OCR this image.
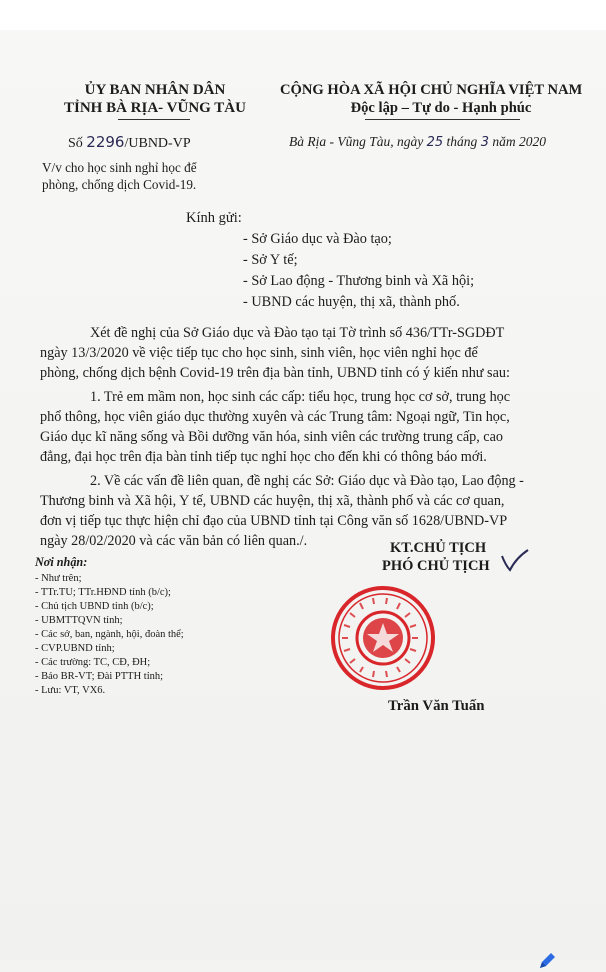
ỦY BAN NHÂN DÂN
TỈNH BÀ RỊA- VŨNG TÀU
Số 2296/UBND-VP
V/v cho học sinh nghỉ học để
phòng, chống dịch Covid-19.
CỘNG HÒA XÃ HỘI CHỦ NGHĨA VIỆT NAM
Độc lập – Tự do - Hạnh phúc
Bà Rịa - Vũng Tàu, ngày 25 tháng 3 năm 2020
Kính gửi:
- Sở Giáo dục và Đào tạo;
- Sở Y tế;
- Sở Lao động - Thương binh và Xã hội;
- UBND các huyện, thị xã, thành phố.
Xét đề nghị của Sở Giáo dục và Đào tạo tại Tờ trình số 436/TTr-SGDĐT
ngày 13/3/2020 về việc tiếp tục cho học sinh, sinh viên, học viên nghỉ học để
phòng, chống dịch bệnh Covid-19 trên địa bàn tỉnh, UBND tỉnh có ý kiến như sau:
1. Trẻ em mầm non, học sinh các cấp: tiểu học, trung học cơ sở, trung học
phổ thông, học viên giáo dục thường xuyên và các Trung tâm: Ngoại ngữ, Tin học,
Giáo dục kĩ năng sống và Bồi dưỡng văn hóa, sinh viên các trường trung cấp, cao
đẳng, đại học trên địa bàn tỉnh tiếp tục nghỉ học cho đến khi có thông báo mới.
2. Về các vấn đề liên quan, đề nghị các Sở: Giáo dục và Đào tạo, Lao động -
Thương binh và Xã hội, Y tế, UBND các huyện, thị xã, thành phố và các cơ quan,
đơn vị tiếp tục thực hiện chỉ đạo của UBND tỉnh tại Công văn số 1628/UBND-VP
ngày 28/02/2020 và các văn bản có liên quan./.
Nơi nhận:
- Như trên;
- TTr.TU; TTr.HĐND tỉnh (b/c);
- Chủ tịch UBND tỉnh (b/c);
- UBMTTQVN tỉnh;
- Các sở, ban, ngành, hội, đoàn thể;
- CVP.UBND tỉnh;
- Các trường: TC, CĐ, ĐH;
- Báo BR-VT; Đài PTTH tỉnh;
- Lưu: VT, VX6.
KT.CHỦ TỊCH
PHÓ CHỦ TỊCH
Trần Văn Tuấn
